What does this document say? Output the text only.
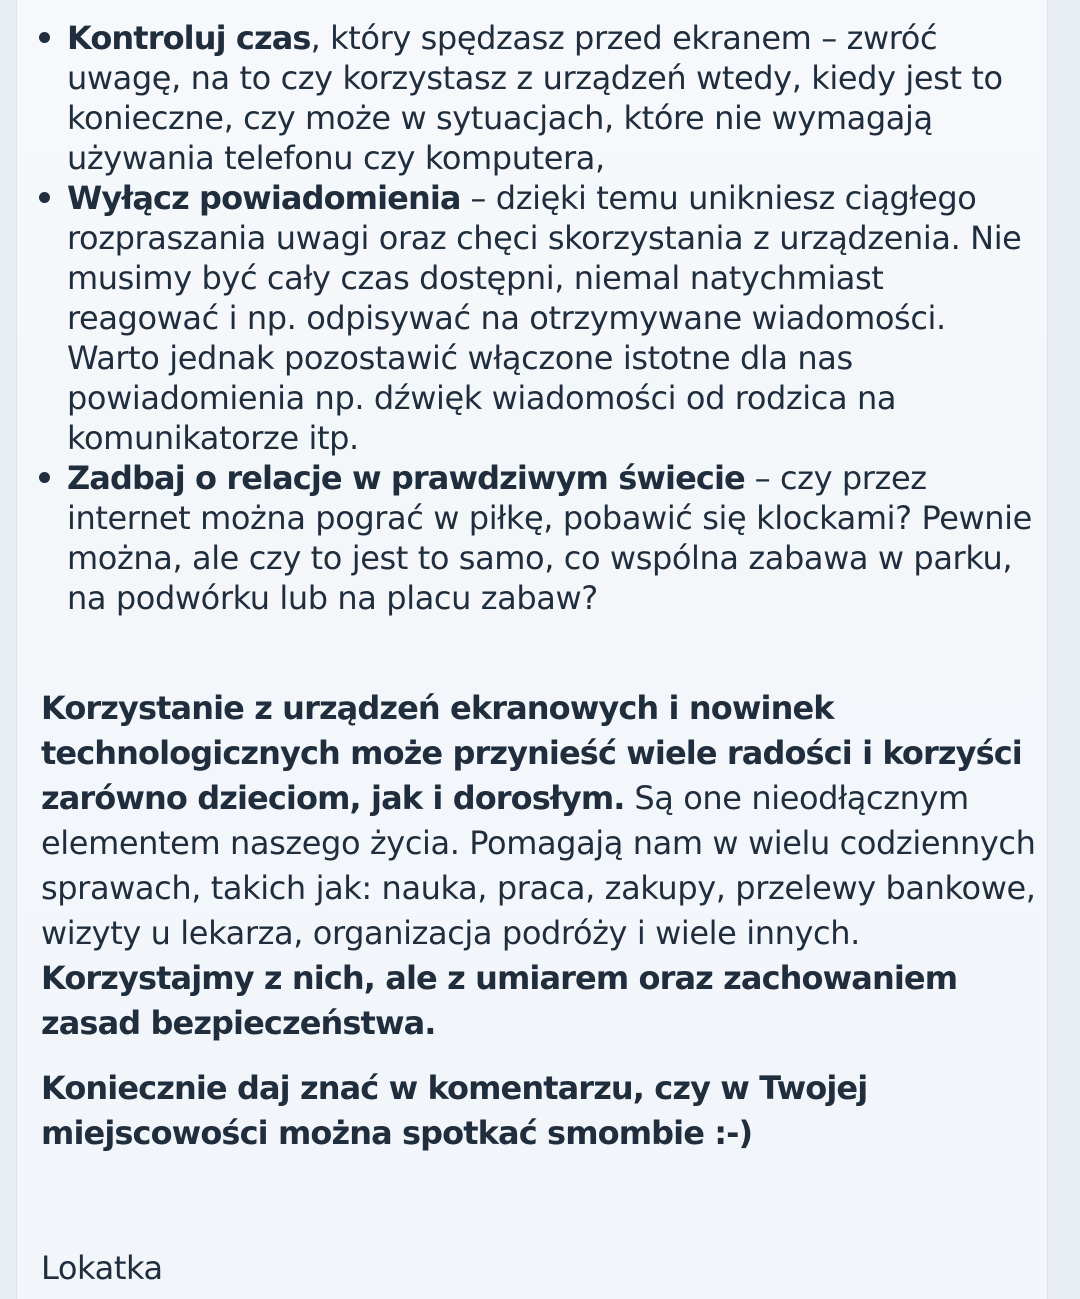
Kontroluj czas, który spędzasz przed ekranem – zwróć uwagę, na to czy korzystasz z urządzeń wtedy, kiedy jest to konieczne, czy może w sytuacjach, które nie wymagają używania telefonu czy komputera,
Wyłącz powiadomienia – dzięki temu unikniesz ciągłego rozpraszania uwagi oraz chęci skorzystania z urządzenia. Nie musimy być cały czas dostępni, niemal natychmiast reagować i np. odpisywać na otrzymywane wiadomości. Warto jednak pozostawić włączone istotne dla nas powiadomienia np. dźwięk wiadomości od rodzica na komunikatorze itp.
Zadbaj o relacje w prawdziwym świecie – czy przez internet można pograć w piłkę, pobawić się klockami? Pewnie można, ale czy to jest to samo, co wspólna zabawa w parku, na podwórku lub na placu zabaw?

Korzystanie z urządzeń ekranowych i nowinek technologicznych może przynieść wiele radości i korzyści zarówno dzieciom, jak i dorosłym. Są one nieodłącznym elementem naszego życia. Pomagają nam w wielu codziennych sprawach, takich jak: nauka, praca, zakupy, przelewy bankowe, wizyty u lekarza, organizacja podróży i wiele innych. Korzystajmy z nich, ale z umiarem oraz zachowaniem zasad bezpieczeństwa.

Koniecznie daj znać w komentarzu, czy w Twojej miejscowości można spotkać smombie :-)

Lokatka
